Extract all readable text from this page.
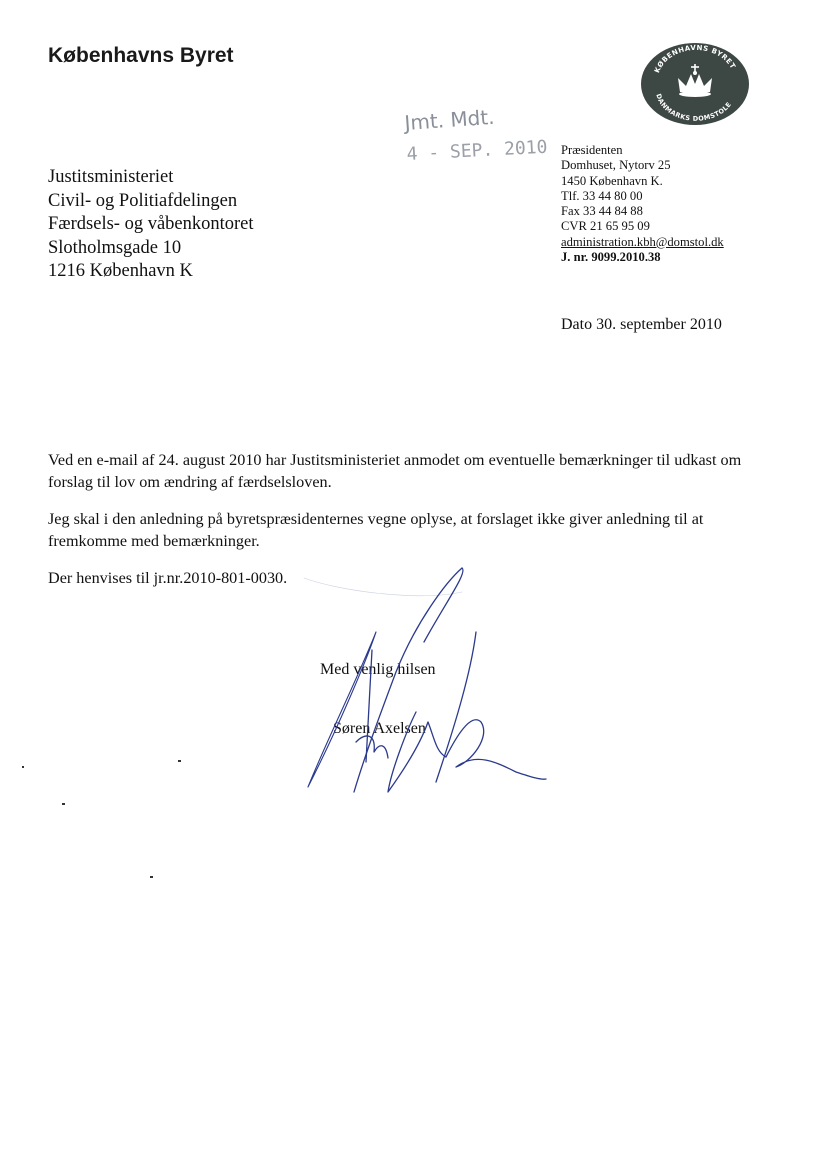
Københavns Byret
KØBENHAVNS BYRET
DANMARKS DOMSTOLE
Jmt. Mdt.
4 - SEP. 2010
Justitsministeriet
Civil- og Politiafdelingen
Færdsels- og våbenkontoret
Slotholmsgade 10
1216 København K
Præsidenten
Domhuset, Nytorv 25
1450 København K.
Tlf. 33 44 80 00
Fax 33 44 84 88
CVR 21 65 95 09
administration.kbh@domstol.dk
J. nr. 9099.2010.38
Dato 30. september 2010
Ved en e-mail af 24. august 2010 har Justitsministeriet anmodet om eventuelle bemærkninger til udkast om forslag til lov om ændring af færdselsloven.
Jeg skal i den anledning på byretspræsidenternes vegne oplyse, at forslaget ikke giver anledning til at fremkomme med bemærkninger.
Der henvises til jr.nr.2010-801-0030.
Med venlig hilsen
Søren Axelsen
